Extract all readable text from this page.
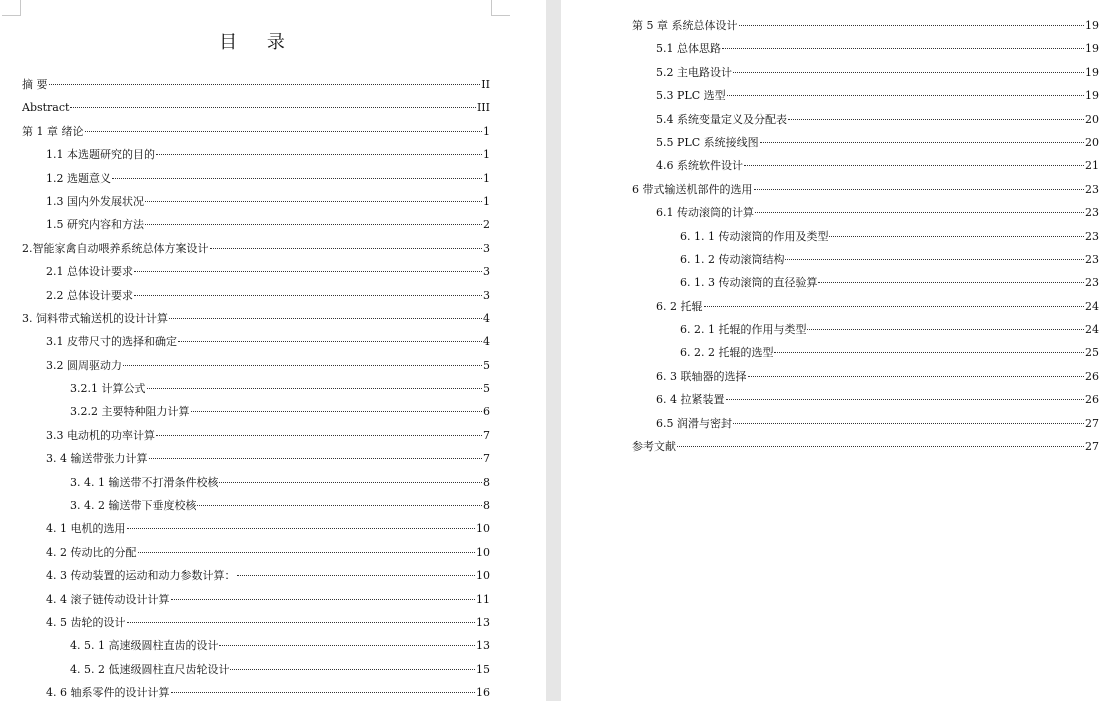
目 录
摘 要	II
Abstract	III
第 1 章 绪论	1
1.1 本选题研究的目的	1
1.2 选题意义	1
1.3 国内外发展状况	1
1.5 研究内容和方法	2
2.智能家禽自动喂养系统总体方案设计	3
2.1 总体设计要求	3
2.2 总体设计要求	3
3. 饲料带式输送机的设计计算	4
3.1 皮带尺寸的选择和确定	4
3.2 圆周驱动力	5
3.2.1 计算公式	5
3.2.2 主要特种阻力计算	6
3.3 电动机的功率计算	7
3. 4 输送带张力计算	7
3. 4. 1 输送带不打滑条件校核	8
3. 4. 2 输送带下垂度校核	8
4. 1 电机的选用	10
4. 2 传动比的分配	10
4. 3 传动装置的运动和动力参数计算：	10
4. 4 滚子链传动设计计算	11
4. 5 齿轮的设计	13
4. 5. 1 高速级圆柱直齿的设计	13
4. 5. 2 低速级圆柱直尺齿轮设计	15
4. 6 轴系零件的设计计算	16
第 5 章 系统总体设计	19
5.1 总体思路	19
5.2 主电路设计	19
5.3 PLC 选型	19
5.4 系统变量定义及分配表	20
5.5 PLC 系统接线图	20
4.6 系统软件设计	21
6 带式输送机部件的选用	23
6.1 传动滚筒的计算	23
6. 1. 1 传动滚筒的作用及类型	23
6. 1. 2 传动滚筒结构	23
6. 1. 3 传动滚筒的直径验算	23
6. 2 托辊	24
6. 2. 1 托辊的作用与类型	24
6. 2. 2 托辊的选型	25
6. 3 联轴器的选择	26
6. 4 拉紧装置	26
6.5 润滑与密封	27
参考文献	27
